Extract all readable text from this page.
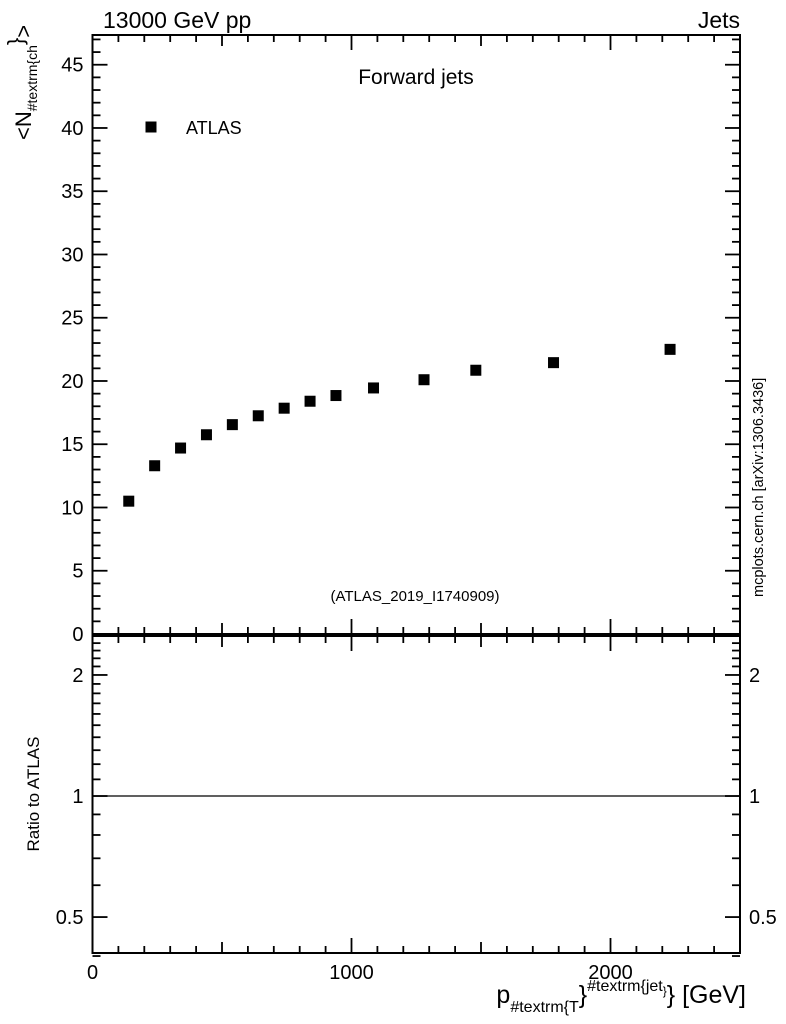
0
5
10
15
20
25
30
35
40
45
13000 GeV pp	Jets
Forward jets
ATLAS
(ATLAS_2019_I1740909)
<N#textrm{ch}>
0.5	0.5
1	1
2	2
0	1000	2000
Ratio to ATLAS
mcplots.cern.ch [arXiv:1306.3436]
p#textrm{T}#textrm{jet$_{\}}$} [GeV]
